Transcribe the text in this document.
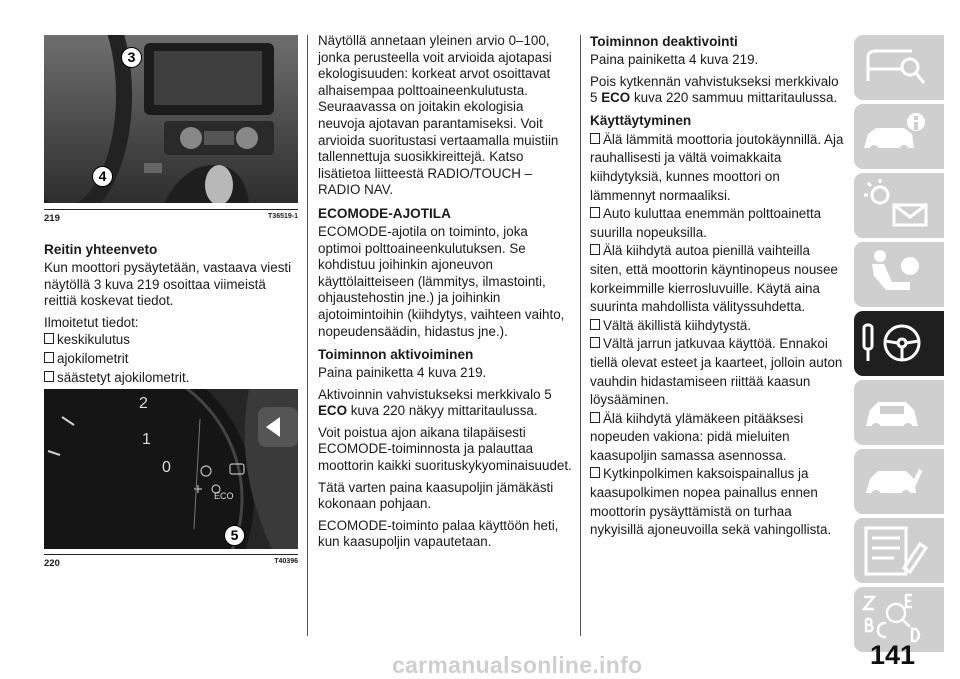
3
4
219	T36519-1

Reitin yhteenveto

Kun moottori pysäytetään, vastaava viesti näytöllä 3 kuva 219 osoittaa viimeistä reittiä koskevat tiedot.

Ilmoitetut tiedot:

keskikulutus

ajokilometrit

säästetyt ajokilometrit.

2
1
0
ECO
5
220	T40396

Näytöllä annetaan yleinen arvio 0–100, jonka perusteella voit arvioida ajotapasi ekologisuuden: korkeat arvot osoittavat alhaisempaa polttoaineenkulutusta. Seuraavassa on joitakin ekologisia neuvoja ajotavan parantamiseksi. Voit arvioida suoritustasi vertaamalla muistiin tallennettuja suosikkireittejä. Katso lisätietoa liitteestä RADIO/TOUCH – RADIO NAV.

ECOMODE-AJOTILA

ECOMODE-ajotila on toiminto, joka optimoi polttoaineenkulutuksen. Se kohdistuu joihinkin ajoneuvon käyttölaitteiseen (lämmitys, ilmastointi, ohjaustehostin jne.) ja joihinkin ajotoimintoihin (kiihdytys, vaihteen vaihto, nopeudensäädin, hidastus jne.).

Toiminnon aktivoiminen

Paina painiketta 4 kuva 219.

Aktivoinnin vahvistukseksi merkkivalo 5 ECO kuva 220 näkyy mittaritaulussa.

Voit poistua ajon aikana tilapäisesti ECOMODE-toiminnosta ja palauttaa moottorin kaikki suorituskykyominaisuudet.

Tätä varten paina kaasupoljin jämäkästi kokonaan pohjaan.

ECOMODE-toiminto palaa käyttöön heti, kun kaasupoljin vapautetaan.

Toiminnon deaktivointi

Paina painiketta 4 kuva 219.

Pois kytkennän vahvistukseksi merkkivalo 5 ECO kuva 220 sammuu mittaritaulussa.

Käyttäytyminen

Älä lämmitä moottoria joutokäynnillä. Aja rauhallisesti ja vältä voimakkaita kiihdytyksiä, kunnes moottori on lämmennyt normaaliksi.

Auto kuluttaa enemmän polttoainetta suurilla nopeuksilla.

Älä kiihdytä autoa pienillä vaihteilla siten, että moottorin käyntinopeus nousee korkeimmille kierrosluvuille. Käytä aina suurinta mahdollista välityssuhdetta.

Vältä äkillistä kiihdytystä.

Vältä jarrun jatkuvaa käyttöä. Ennakoi tiellä olevat esteet ja kaarteet, jolloin auton vauhdin hidastamiseen riittää kaasun löysääminen.

Älä kiihdytä ylämäkeen pitääksesi nopeuden vakiona: pidä mieluiten kaasupoljin samassa asennossa.

Kytkinpolkimen kaksoispainallus ja kaasupolkimen nopea painallus ennen moottorin pysäyttämistä on turhaa nykyisillä ajoneuvoilla sekä vahingollista.

141
carmanualsonline.info
